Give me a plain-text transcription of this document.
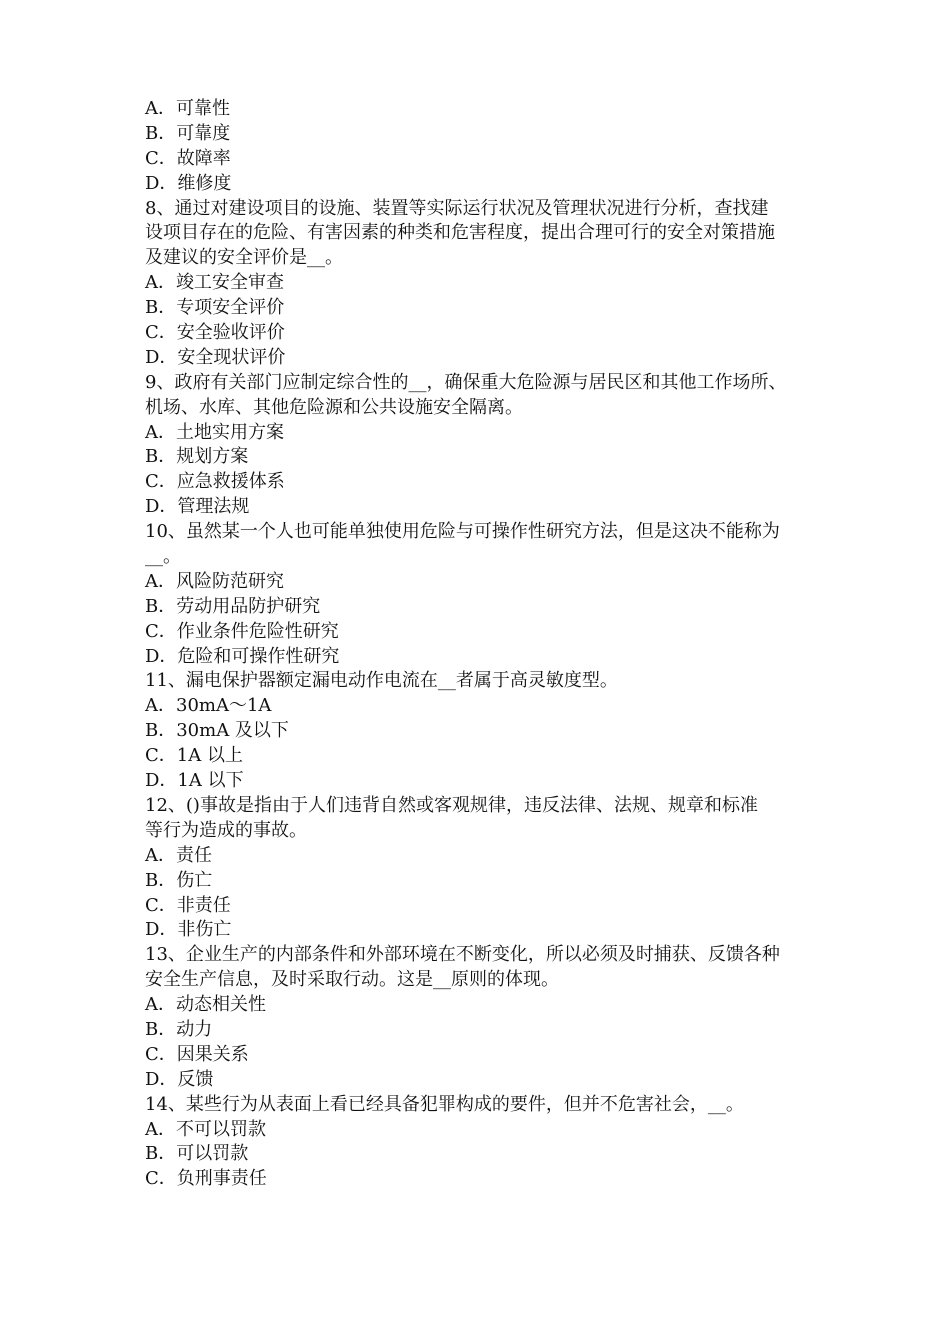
A．可靠性
B．可靠度
C．故障率
D．维修度
8、通过对建设项目的设施、装置等实际运行状况及管理状况进行分析，查找建
设项目存在的危险、有害因素的种类和危害程度，提出合理可行的安全对策措施
及建议的安全评价是__。
A．竣工安全审查
B．专项安全评价
C．安全验收评价
D．安全现状评价
9、政府有关部门应制定综合性的__，确保重大危险源与居民区和其他工作场所、
机场、水库、其他危险源和公共设施安全隔离。
A．土地实用方案
B．规划方案
C．应急救援体系
D．管理法规
10、虽然某一个人也可能单独使用危险与可操作性研究方法，但是这决不能称为
__。
A．风险防范研究
B．劳动用品防护研究
C．作业条件危险性研究
D．危险和可操作性研究
11、漏电保护器额定漏电动作电流在__者属于高灵敏度型。
A．30mA～1A
B．30mA 及以下
C．1A 以上
D．1A 以下
12、()事故是指由于人们违背自然或客观规律，违反法律、法规、规章和标准
等行为造成的事故。
A．责任
B．伤亡
C．非责任
D．非伤亡
13、企业生产的内部条件和外部环境在不断变化，所以必须及时捕获、反馈各种
安全生产信息，及时采取行动。这是__原则的体现。
A．动态相关性
B．动力
C．因果关系
D．反馈
14、某些行为从表面上看已经具备犯罪构成的要件，但并不危害社会，__。
A．不可以罚款
B．可以罚款
C．负刑事责任
